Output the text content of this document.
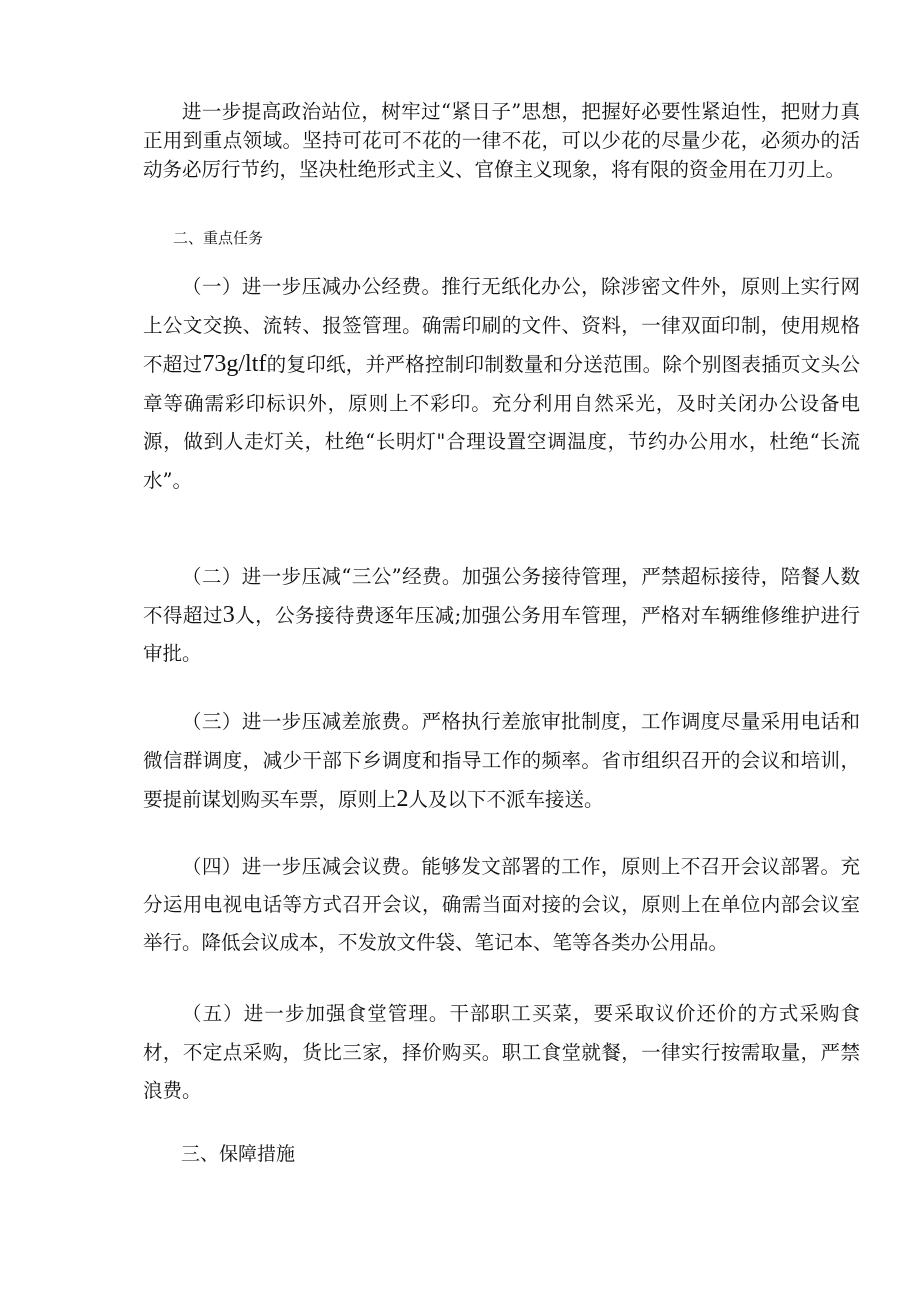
进一步提高政治站位，树牢过“紧日子”思想，把握好必要性紧迫性，把财力真正用到重点领域。坚持可花可不花的一律不花，可以少花的尽量少花，必须办的活动务必厉行节约，坚决杜绝形式主义、官僚主义现象，将有限的资金用在刀刃上。

二、重点任务

（一）进一步压减办公经费。推行无纸化办公，除涉密文件外，原则上实行网上公文交换、流转、报签管理。确需印刷的文件、资料，一律双面印制，使用规格不超过73g/ltf的复印纸，并严格控制印制数量和分送范围。除个别图表插页文头公章等确需彩印标识外，原则上不彩印。充分利用自然采光，及时关闭办公设备电源，做到人走灯关，杜绝“长明灯"合理设置空调温度，节约办公用水，杜绝“长流水”。

（二）进一步压减“三公”经费。加强公务接待管理，严禁超标接待，陪餐人数不得超过3人，公务接待费逐年压减;加强公务用车管理，严格对车辆维修维护进行审批。

（三）进一步压减差旅费。严格执行差旅审批制度，工作调度尽量采用电话和微信群调度，减少干部下乡调度和指导工作的频率。省市组织召开的会议和培训，要提前谋划购买车票，原则上2人及以下不派车接送。

（四）进一步压减会议费。能够发文部署的工作，原则上不召开会议部署。充分运用电视电话等方式召开会议，确需当面对接的会议，原则上在单位内部会议室举行。降低会议成本，不发放文件袋、笔记本、笔等各类办公用品。

（五）进一步加强食堂管理。干部职工买菜，要采取议价还价的方式采购食材，不定点采购，货比三家，择价购买。职工食堂就餐，一律实行按需取量，严禁浪费。

三、保障措施
